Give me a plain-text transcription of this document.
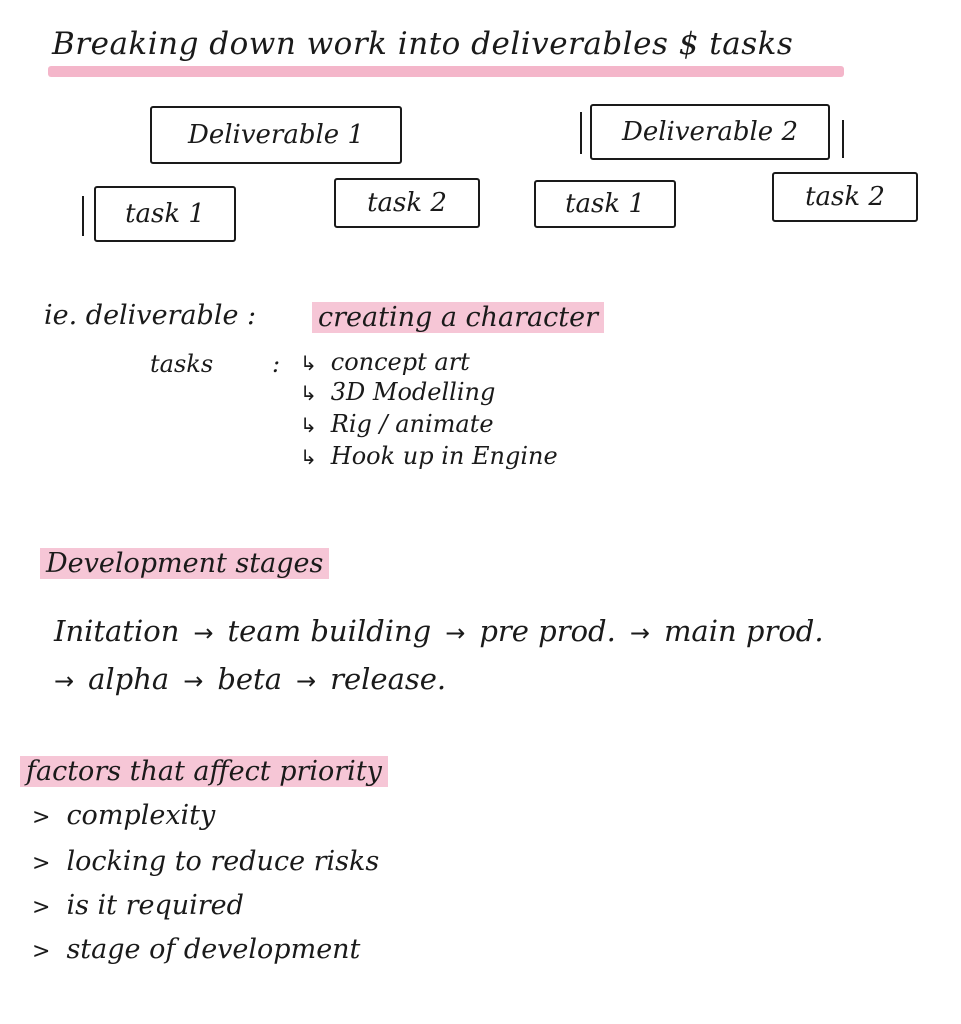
Breaking down work into deliverables $ tasks
Deliverable 1	Deliverable 2
task 1	task 2	task 1	task 2
ie. deliverable : creating a character
tasks : ↳ concept art
↳ 3D Modelling
↳ Rig / animate
↳ Hook up in Engine
Development stages
Initation → team building → pre prod. → main prod.
→ alpha → beta → release.
factors that affect priority
> complexity
> locking to reduce risks
> is it required
> stage of development
